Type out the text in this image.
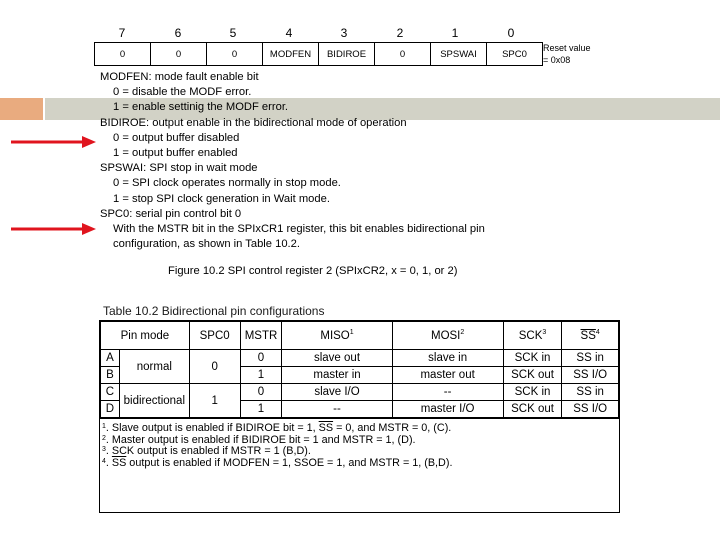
7	6	5	4	3	2	1	0
0	0	0	MODFEN	BIDIROE	0	SPSWAI	SPC0
Reset value
= 0x08
MODFEN: mode fault enable bit
0 = disable the MODF error.
1 = enable settinig the MODF error.
BIDIROE: output enable in the bidirectional mode of operation
0 = output buffer disabled
1 = output buffer enabled
SPSWAI: SPI stop in wait mode
0 = SPI clock operates normally in stop mode.
1 = stop SPI clock generation in Wait mode.
SPC0: serial pin control bit 0
With the MSTR bit in the SPIxCR1 register, this bit enables bidirectional pin
configuration, as shown in Table 10.2.
Figure 10.2 SPI control register 2 (SPIxCR2, x = 0, 1, or 2)
Table 10.2 Bidirectional pin configurations
Pin mode		SPC0	MSTR	MISO$^1$	MOSI$^2$	SCK$^3$	$\overline{SS}^4$
A	normal	0	0	slave out	slave in	SCK in	SS in
B			1	master in	master out	SCK out	SS I/O
C	bidirectional	1	0	slave I/O	--	SCK in	SS in
D			1	--	master I/O	SCK out	SS I/O
$^1$. Slave output is enabled if BIDIROE bit = 1, $\overline{SS} = 0$, and MSTR = 0, (C).
$^2$. Master output is enabled if BIDIROE bit = 1 and MSTR = 1, (D).
$^3$. SCK output is enabled if MSTR = 1 (B,D).
$^4$. $\overline{SS}$ output is enabled if MODFEN = 1, SSOE = 1, and MSTR = 1, (B,D).
